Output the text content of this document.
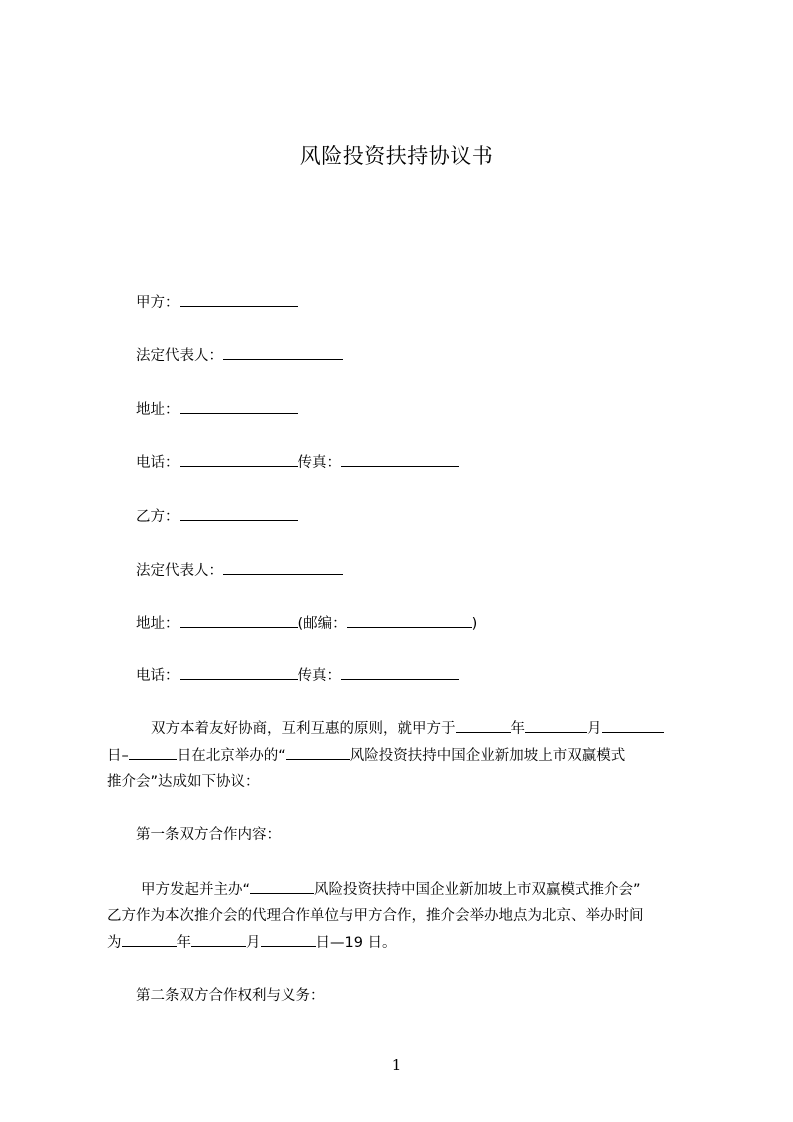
风险投资扶持协议书
甲方：
法定代表人：
地址：
电话：	传真：
乙方：
法定代表人：
地址：	(邮编：	)
电话：	传真：
双方本着友好协商，互利互惠的原则，就甲方于	年	月
日–	日在北京举办的“	风险投资扶持中国企业新加坡上市双赢模式
推介会”达成如下协议：
第一条双方合作内容：
甲方发起并主办“	风险投资扶持中国企业新加坡上市双赢模式推介会”
乙方作为本次推介会的代理合作单位与甲方合作，推介会举办地点为北京、举办时间
为	年	月	日—19 日。
第二条双方合作权利与义务：
1
